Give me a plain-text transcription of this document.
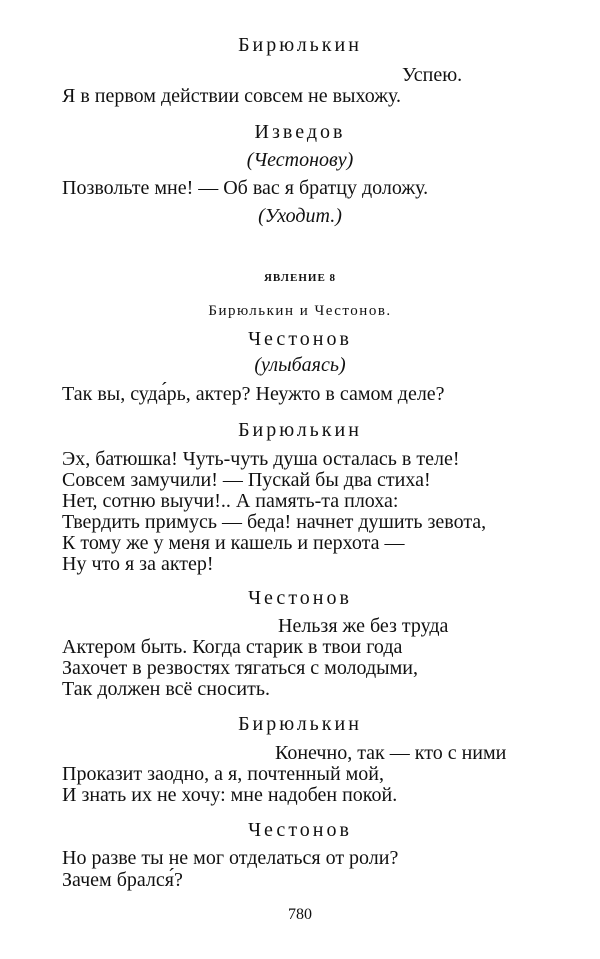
Бирюлькин
Успею.
Я в первом действии совсем не выхожу.
Изведов
(Честонову)
Позвольте мне! — Об вас я братцу доложу.
(Уходит.)
ЯВЛЕНИЕ 8
Бирюлькин и Честонов.
Честонов
(улыбаясь)
Так вы, суда́рь, актер? Неужто в самом деле?
Бирюлькин
Эх, батюшка! Чуть-чуть душа осталась в теле!
Совсем замучили! — Пускай бы два стиха!
Нет, сотню выучи!.. А память-та плоха:
Твердить примусь — беда! начнет душить зевота,
К тому же у меня и кашель и перхота —
Ну что я за актер!
Честонов
Нельзя же без труда
Актером быть. Когда старик в твои года
Захочет в резвостях тягаться с молодыми,
Так должен всё сносить.
Бирюлькин
Конечно, так — кто с ними
Проказит заодно, а я, почтенный мой,
И знать их не хочу: мне надобен покой.
Честонов
Но разве ты не мог отделаться от роли?
Зачем брался́?
780
